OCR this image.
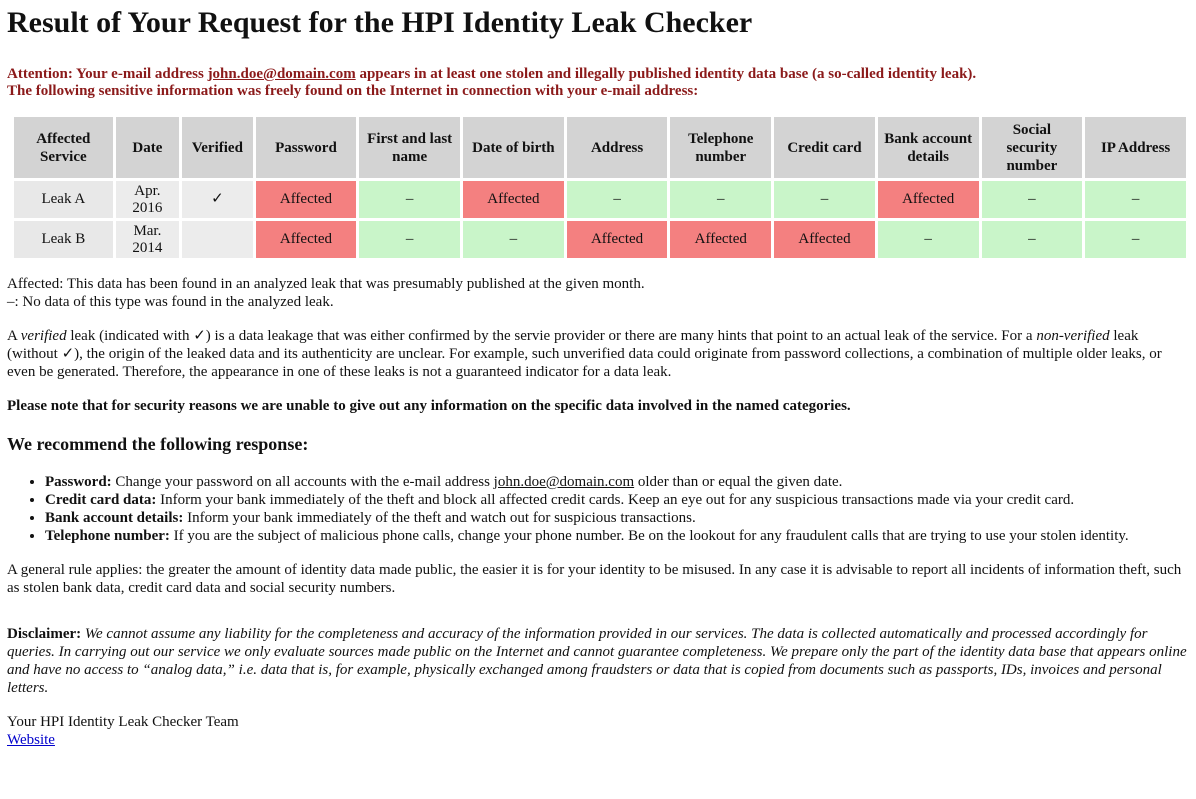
Result of Your Request for the HPI Identity Leak Checker
Attention: Your e-mail address john.doe@domain.com appears in at least one stolen and illegally published identity data base (a so-called identity leak).
The following sensitive information was freely found on the Internet in connection with your e-mail address:
Affected Service	Date	Verified	Password	First and last name	Date of birth	Address	Telephone number	Credit card	Bank account details	Social security number	IP Address
Leak A	Apr. 2016	✓	Affected	–	Affected	–	–	–	Affected	–	–
Leak B	Mar. 2014		Affected	–	–	Affected	Affected	Affected	–	–	–

Affected: This data has been found in an analyzed leak that was presumably published at the given month.

–: No data of this type was found in the analyzed leak.

A verified leak (indicated with ✓) is a data leakage that was either confirmed by the servie provider or there are many hints that point to an actual leak of the service. For a non-verified leak (without ✓), the origin of the leaked data and its authenticity are unclear. For example, such unverified data could originate from password collections, a combination of multiple older leaks, or even be generated. Therefore, the appearance in one of these leaks is not a guaranteed indicator for a data leak.

Please note that for security reasons we are unable to give out any information on the specific data involved in the named categories.

We recommend the following response:
• Password: Change your password on all accounts with the e-mail address john.doe@domain.com older than or equal the given date.
• Credit card data: Inform your bank immediately of the theft and block all affected credit cards. Keep an eye out for any suspicious transactions made via your credit card.
• Bank account details: Inform your bank immediately of the theft and watch out for suspicious transactions.
• Telephone number: If you are the subject of malicious phone calls, change your phone number. Be on the lookout for any fraudulent calls that are trying to use your stolen identity.

A general rule applies: the greater the amount of identity data made public, the easier it is for your identity to be misused. In any case it is advisable to report all incidents of information theft, such as stolen bank data, credit card data and social security numbers.

Disclaimer: We cannot assume any liability for the completeness and accuracy of the information provided in our services. The data is collected automatically and processed accordingly for queries. In carrying out our service we only evaluate sources made public on the Internet and cannot guarantee completeness. We prepare only the part of the identity data base that appears online and have no access to “analog data,” i.e. data that is, for example, physically exchanged among fraudsters or data that is copied from documents such as passports, IDs, invoices and personal letters.

Your HPI Identity Leak Checker Team

Website
